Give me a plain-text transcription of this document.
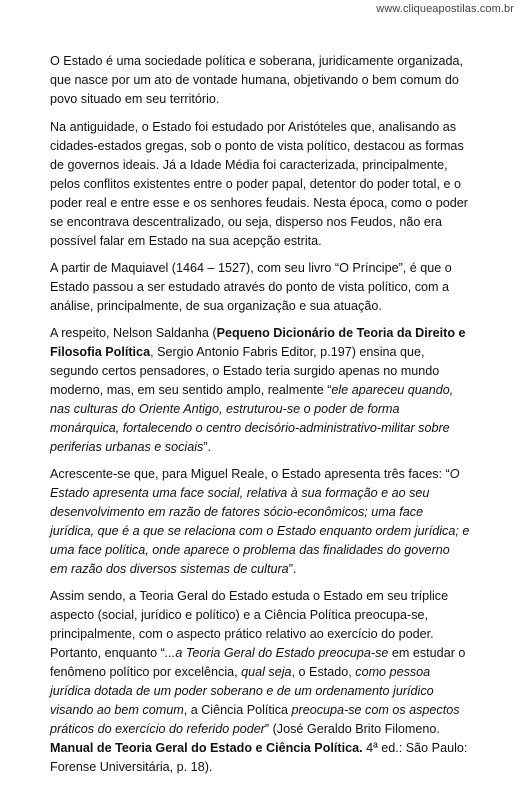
www.cliqueapostilas.com.br

O Estado é uma sociedade política e soberana, juridicamente organizada, que nasce por um ato de vontade humana, objetivando o bem comum do povo situado em seu território.

Na antiguidade, o Estado foi estudado por Aristóteles que, analisando as cidades-estados gregas, sob o ponto de vista político, destacou as formas de governos ideais. Já a Idade Média foi caracterizada, principalmente, pelos conflitos existentes entre o poder papal, detentor do poder total, e o poder real e entre esse e os senhores feudais. Nesta época, como o poder se encontrava descentralizado, ou seja, disperso nos Feudos, não era possível falar em Estado na sua acepção estrita.

A partir de Maquiavel (1464 – 1527), com seu livro “O Príncipe”, é que o Estado passou a ser estudado através do ponto de vista político, com a análise, principalmente, de sua organização e sua atuação.

A respeito, Nelson Saldanha (Pequeno Dicionário de Teoria da Direito e Filosofia Política, Sergio Antonio Fabris Editor, p.197) ensina que, segundo certos pensadores, o Estado teria surgido apenas no mundo moderno, mas, em seu sentido amplo, realmente “ele apareceu quando, nas culturas do Oriente Antigo, estruturou-se o poder de forma monárquica, fortalecendo o centro decisório-administrativo-militar sobre periferias urbanas e sociais”.

Acrescente-se que, para Miguel Reale, o Estado apresenta três faces: “O Estado apresenta uma face social, relativa à sua formação e ao seu desenvolvimento em razão de fatores sócio-econômicos; uma face jurídica, que é a que se relaciona com o Estado enquanto ordem jurídica; e uma face política, onde aparece o problema das finalidades do governo em razão dos diversos sistemas de cultura”.

Assim sendo, a Teoria Geral do Estado estuda o Estado em seu tríplice aspecto (social, jurídico e político) e a Ciência Política preocupa-se, principalmente, com o aspecto prático relativo ao exercício do poder. Portanto, enquanto “...a Teoria Geral do Estado preocupa-se em estudar o fenômeno político por excelência, qual seja, o Estado, como pessoa jurídica dotada de um poder soberano e de um ordenamento jurídico visando ao bem comum, a Ciência Política preocupa-se com os aspectos práticos do exercício do referido poder” (José Geraldo Brito Filomeno. Manual de Teoria Geral do Estado e Ciência Política. 4ª ed.: São Paulo: Forense Universitária, p. 18).
